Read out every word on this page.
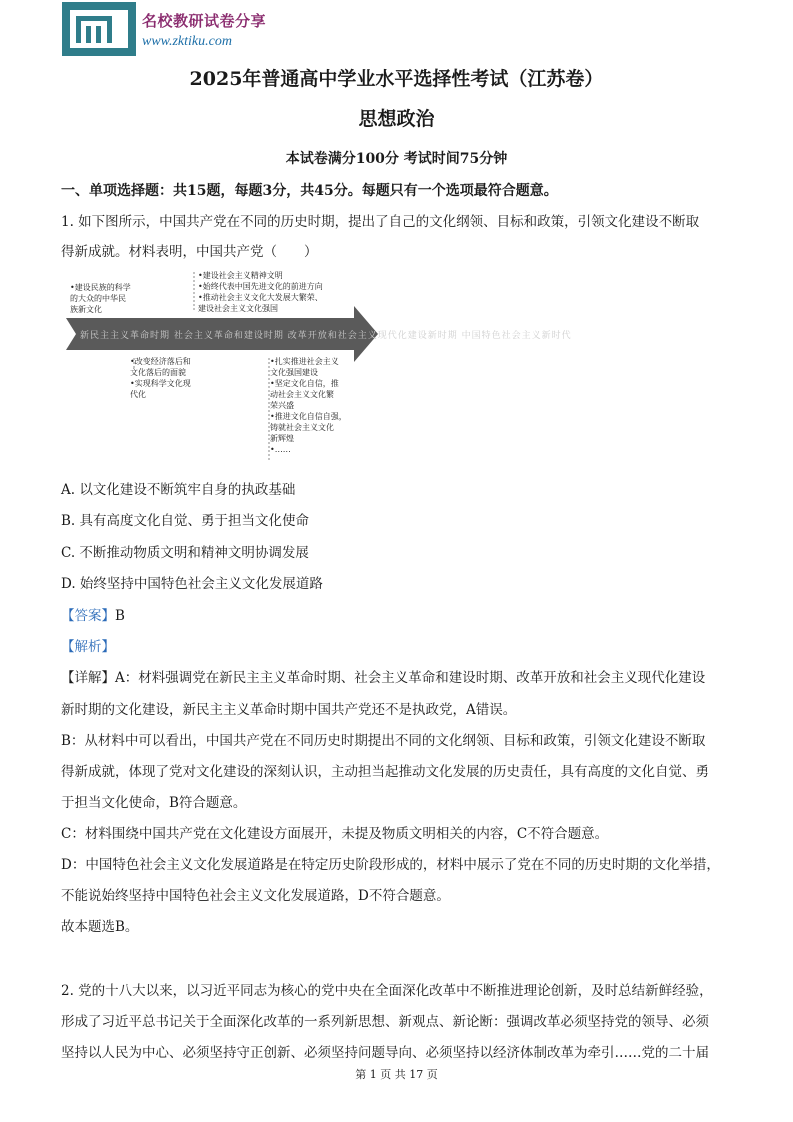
名校教研试卷分享
www.zktiku.com
2025年普通高中学业水平选择性考试（江苏卷）
思想政治
本试卷满分100分 考试时间75分钟
一、单项选择题：共15题，每题3分，共45分。每题只有一个选项最符合题意。
1. 如下图所示，中国共产党在不同的历史时期，提出了自己的文化纲领、目标和政策，引领文化建设不断取
得新成就。材料表明，中国共产党（　　）
新民主主义革命时期 社会主义革命和建设时期 改革开放和社会主义现代化建设新时期 中国特色社会主义新时代
•建设民族的科学
的大众的中华民
族新文化
•建设社会主义精神文明
•始终代表中国先进文化的前进方向
•推动社会主义文化大发展大繁荣、
建设社会主义文化强国
•改变经济落后和
文化落后的面貌
•实现科学文化现
代化
•扎实推进社会主义
文化强国建设
•坚定文化自信，推
动社会主义文化繁
荣兴盛
•推进文化自信自强，
铸就社会主义文化
新辉煌
•……
A. 以文化建设不断筑牢自身的执政基础
B. 具有高度文化自觉、勇于担当文化使命
C. 不断推动物质文明和精神文明协调发展
D. 始终坚持中国特色社会主义文化发展道路
【答案】B
【解析】
【详解】A：材料强调党在新民主主义革命时期、社会主义革命和建设时期、改革开放和社会主义现代化建设
新时期的文化建设，新民主主义革命时期中国共产党还不是执政党，A错误。
B：从材料中可以看出，中国共产党在不同历史时期提出不同的文化纲领、目标和政策，引领文化建设不断取
得新成就，体现了党对文化建设的深刻认识，主动担当起推动文化发展的历史责任，具有高度的文化自觉、勇
于担当文化使命，B符合题意。
C：材料围绕中国共产党在文化建设方面展开，未提及物质文明相关的内容，C不符合题意。
D：中国特色社会主义文化发展道路是在特定历史阶段形成的，材料中展示了党在不同的历史时期的文化举措，
不能说始终坚持中国特色社会主义文化发展道路，D不符合题意。
故本题选B。
2. 党的十八大以来，以习近平同志为核心的党中央在全面深化改革中不断推进理论创新，及时总结新鲜经验，
形成了习近平总书记关于全面深化改革的一系列新思想、新观点、新论断：强调改革必须坚持党的领导、必须
坚持以人民为中心、必须坚持守正创新、必须坚持问题导向、必须坚持以经济体制改革为牵引……党的二十届
第 1 页 共 17 页
